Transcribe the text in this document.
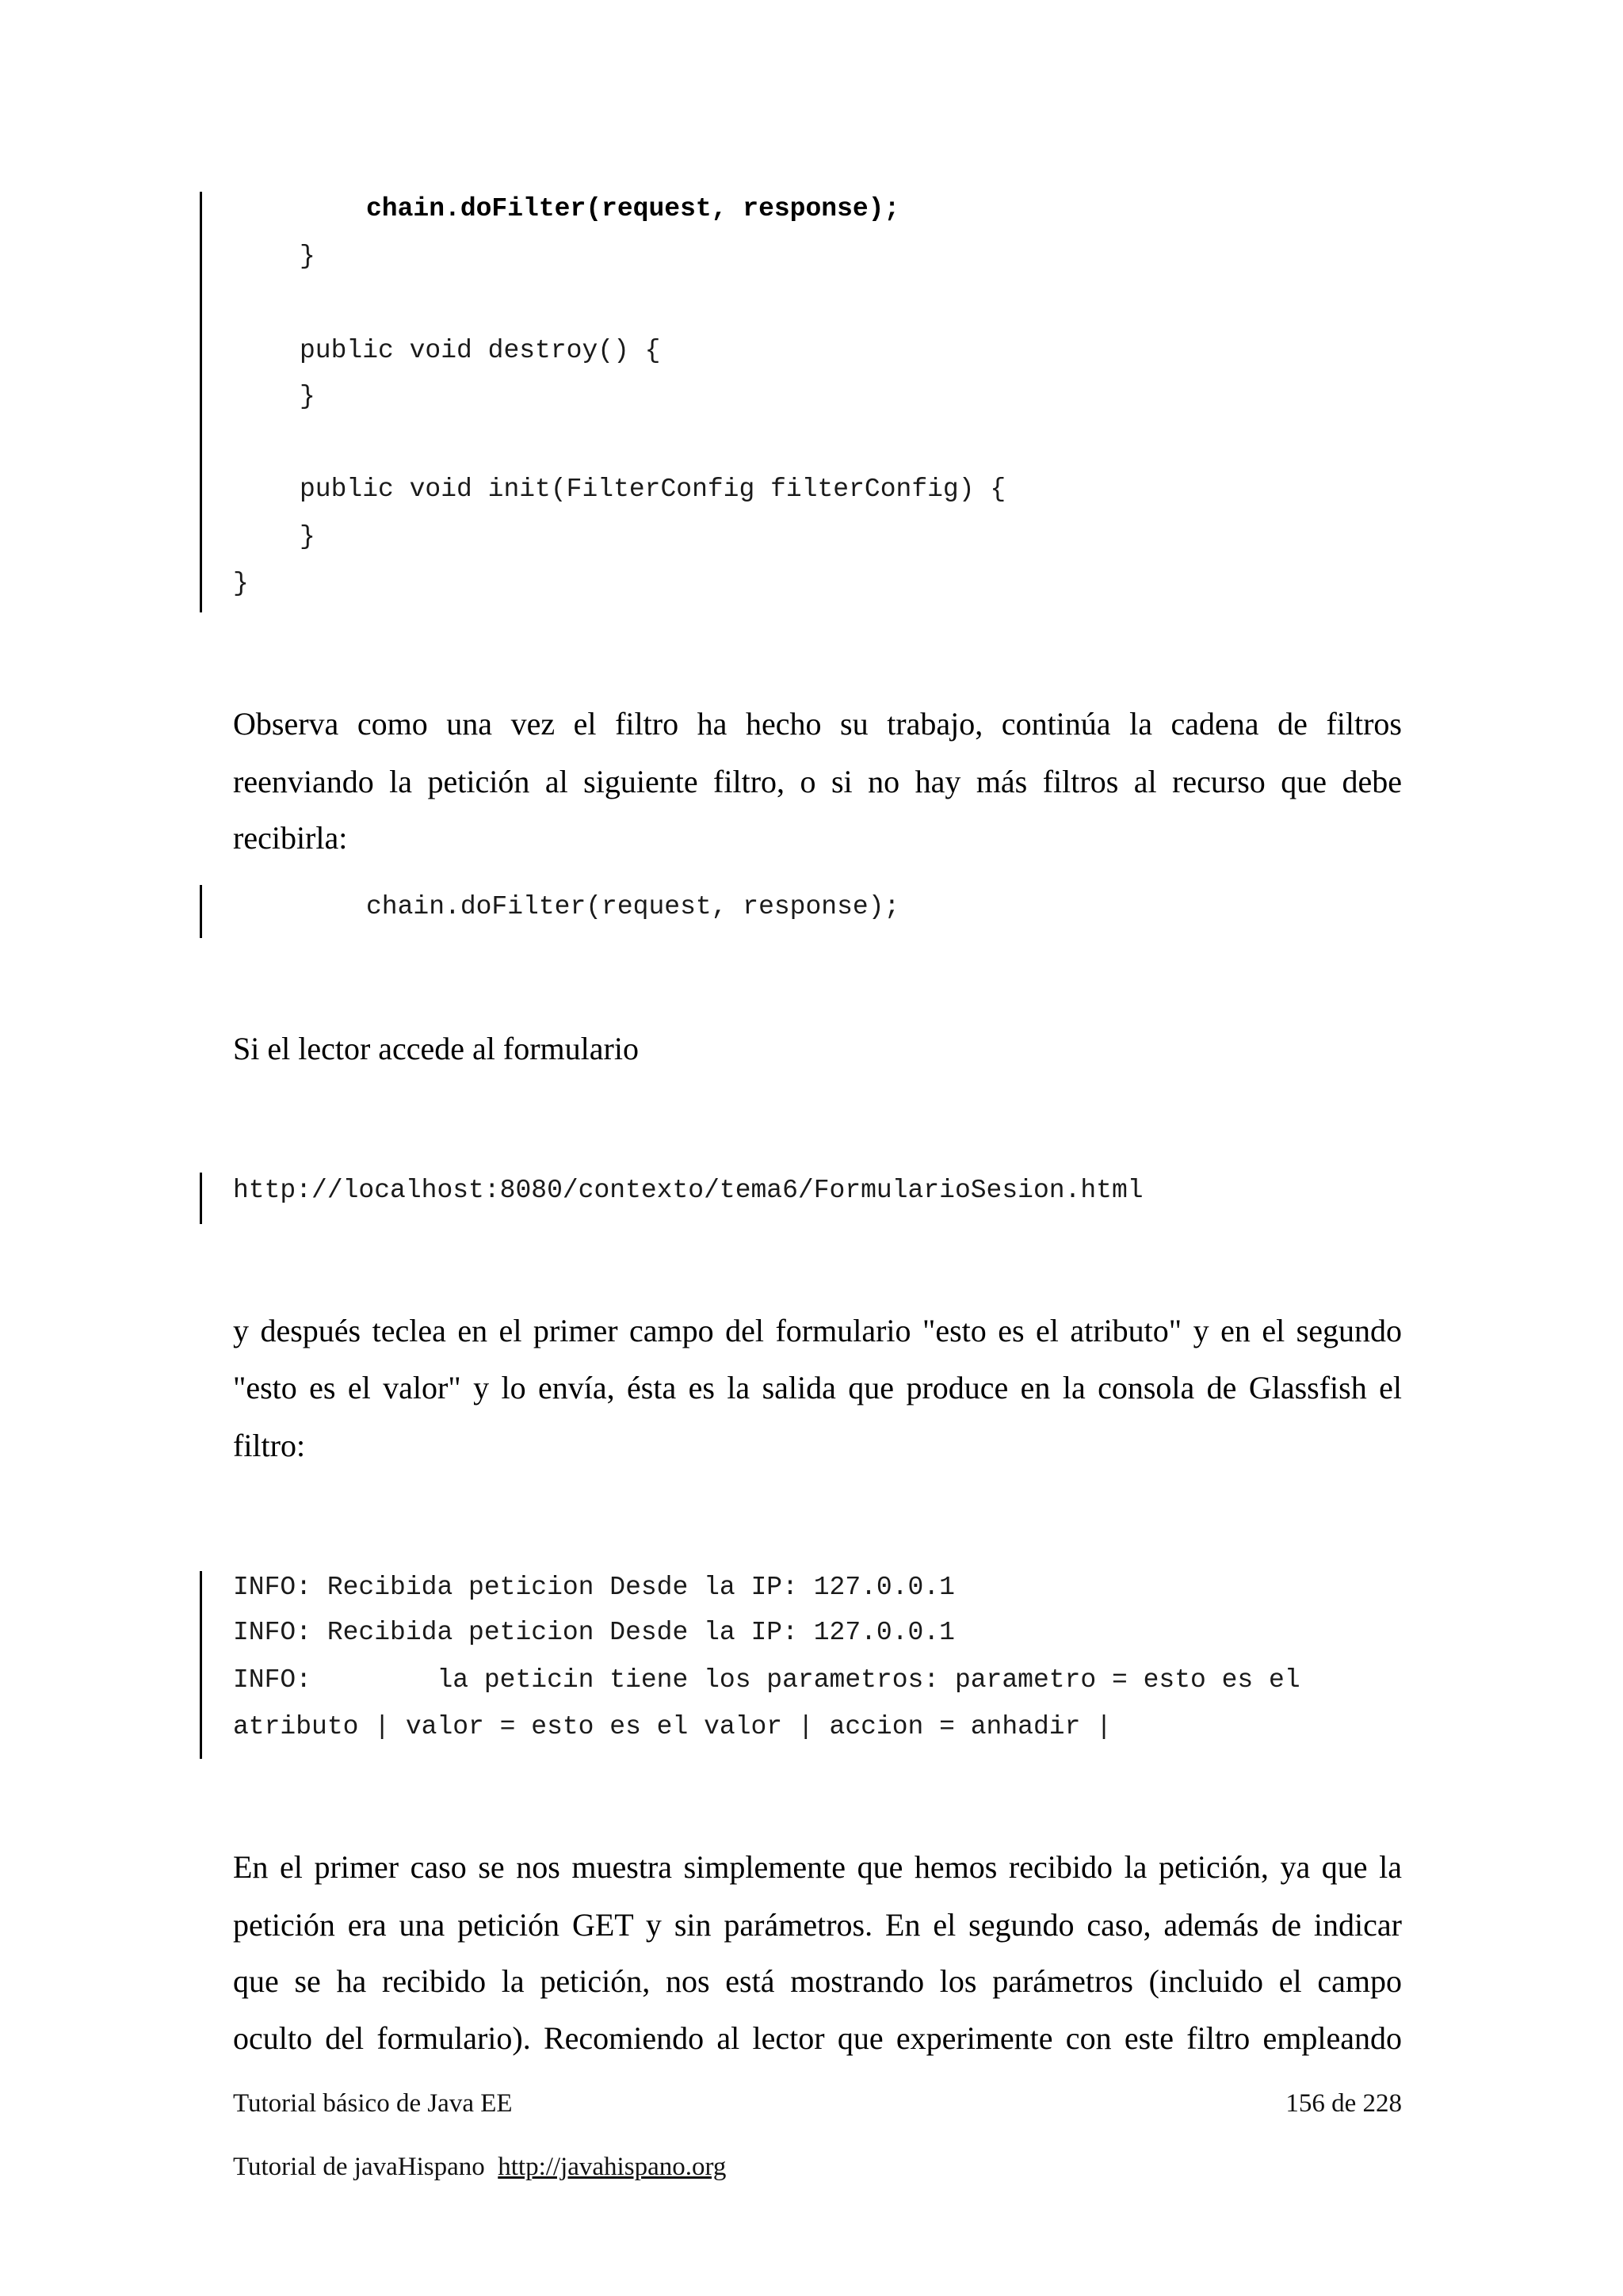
chain.doFilter(request, response);
}
public void destroy() {
}
public void init(FilterConfig filterConfig) {
}
}
Observa como una vez el filtro ha hecho su trabajo, continúa la cadena de filtros
reenviando la petición al siguiente filtro, o si no hay más filtros al recurso que debe
recibirla:
chain.doFilter(request, response);
Si el lector accede al formulario
http://localhost:8080/contexto/tema6/FormularioSesion.html
y después teclea en el primer campo del formulario "esto es el atributo" y en el segundo
"esto es el valor" y lo envía, ésta es la salida que produce en la consola de Glassfish el
filtro:
INFO: Recibida peticion Desde la IP: 127.0.0.1
INFO: Recibida peticion Desde la IP: 127.0.0.1
INFO:        la peticin tiene los parametros: parametro = esto es el
atributo | valor = esto es el valor | accion = anhadir |
En el primer caso se nos muestra simplemente que hemos recibido la petición, ya que la
petición era una petición GET y sin parámetros. En el segundo caso, además de indicar
que se ha recibido la petición, nos está mostrando los parámetros (incluido el campo
oculto del formulario). Recomiendo al lector que experimente con este filtro empleando
Tutorial básico de Java EE	156 de 228
Tutorial de javaHispano http://javahispano.org
